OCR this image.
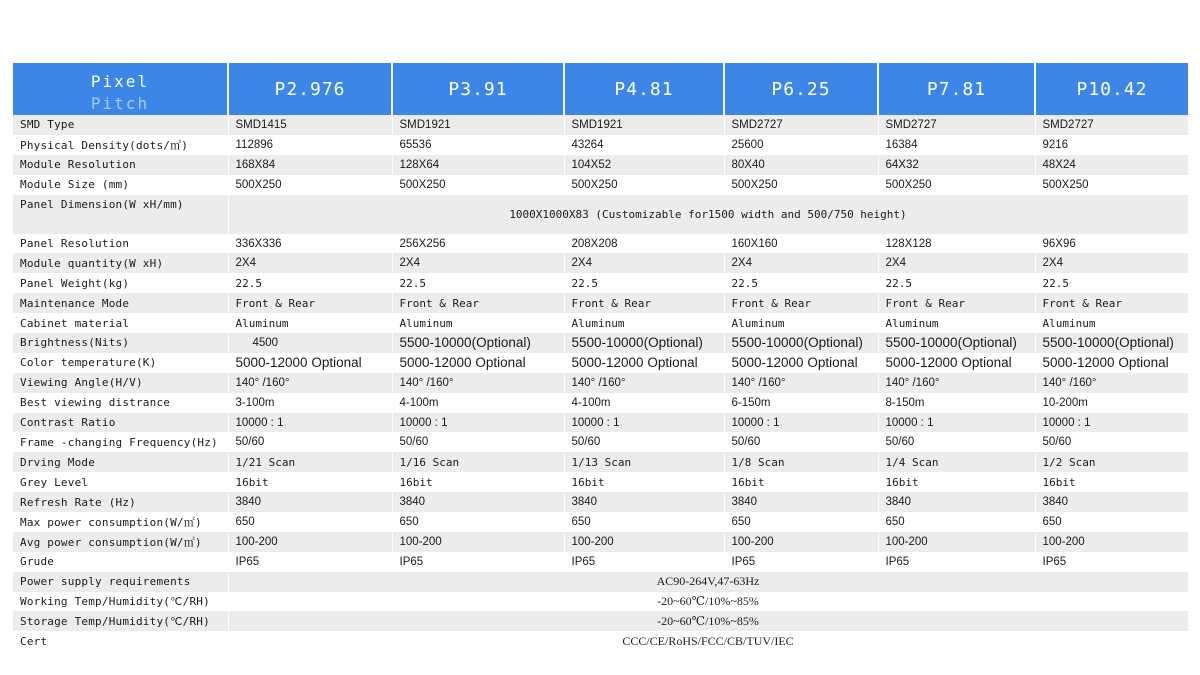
Pixel
Pitch	P2.976	P3.91	P4.81	P6.25	P7.81	P10.42
SMD Type	SMD1415	SMD1921	SMD1921	SMD2727	SMD2727	SMD2727
Physical Density(dots/㎡)	112896	65536	43264	25600	16384	9216
Module Resolution	168X84	128X64	104X52	80X40	64X32	48X24
Module Size (mm)	500X250	500X250	500X250	500X250	500X250	500X250
Panel Dimension(W xH/mm)	1000X1000X83 (Customizable for1500 width and 500/750 height)					
Panel Resolution	336X336	256X256	208X208	160X160	128X128	96X96
Module quantity(W xH)	2X4	2X4	2X4	2X4	2X4	2X4
Panel Weight(kg)	22.5	22.5	22.5	22.5	22.5	22.5
Maintenance Mode	Front & Rear	Front & Rear	Front & Rear	Front & Rear	Front & Rear	Front & Rear
Cabinet material	Aluminum	Aluminum	Aluminum	Aluminum	Aluminum	Aluminum
Brightness(Nits)	4500	5500-10000(Optional)	5500-10000(Optional)	5500-10000(Optional)	5500-10000(Optional)	5500-10000(Optional)
Color temperature(K)	5000-12000 Optional	5000-12000 Optional	5000-12000 Optional	5000-12000 Optional	5000-12000 Optional	5000-12000 Optional
Viewing Angle(H/V)	140° /160°	140° /160°	140° /160°	140° /160°	140° /160°	140° /160°
Best viewing distrance	3-100m	4-100m	4-100m	6-150m	8-150m	10-200m
Contrast Ratio	10000 : 1	10000 : 1	10000 : 1	10000 : 1	10000 : 1	10000 : 1
Frame -changing Frequency(Hz)	50/60	50/60	50/60	50/60	50/60	50/60
Drving Mode	1/21 Scan	1/16 Scan	1/13 Scan	1/8 Scan	1/4 Scan	1/2 Scan
Grey Level	16bit	16bit	16bit	16bit	16bit	16bit
Refresh Rate (Hz)	3840	3840	3840	3840	3840	3840
Max power consumption(W/㎡)	650	650	650	650	650	650
Avg power consumption(W/㎡)	100-200	100-200	100-200	100-200	100-200	100-200
Grude	IP65	IP65	IP65	IP65	IP65	IP65
Power supply requirements	AC90-264V,47-63Hz					
Working Temp/Humidity(℃/RH)	-20~60℃/10%~85%					
Storage Temp/Humidity(℃/RH)	-20~60℃/10%~85%					
Cert	CCC/CE/RoHS/FCC/CB/TUV/IEC					
